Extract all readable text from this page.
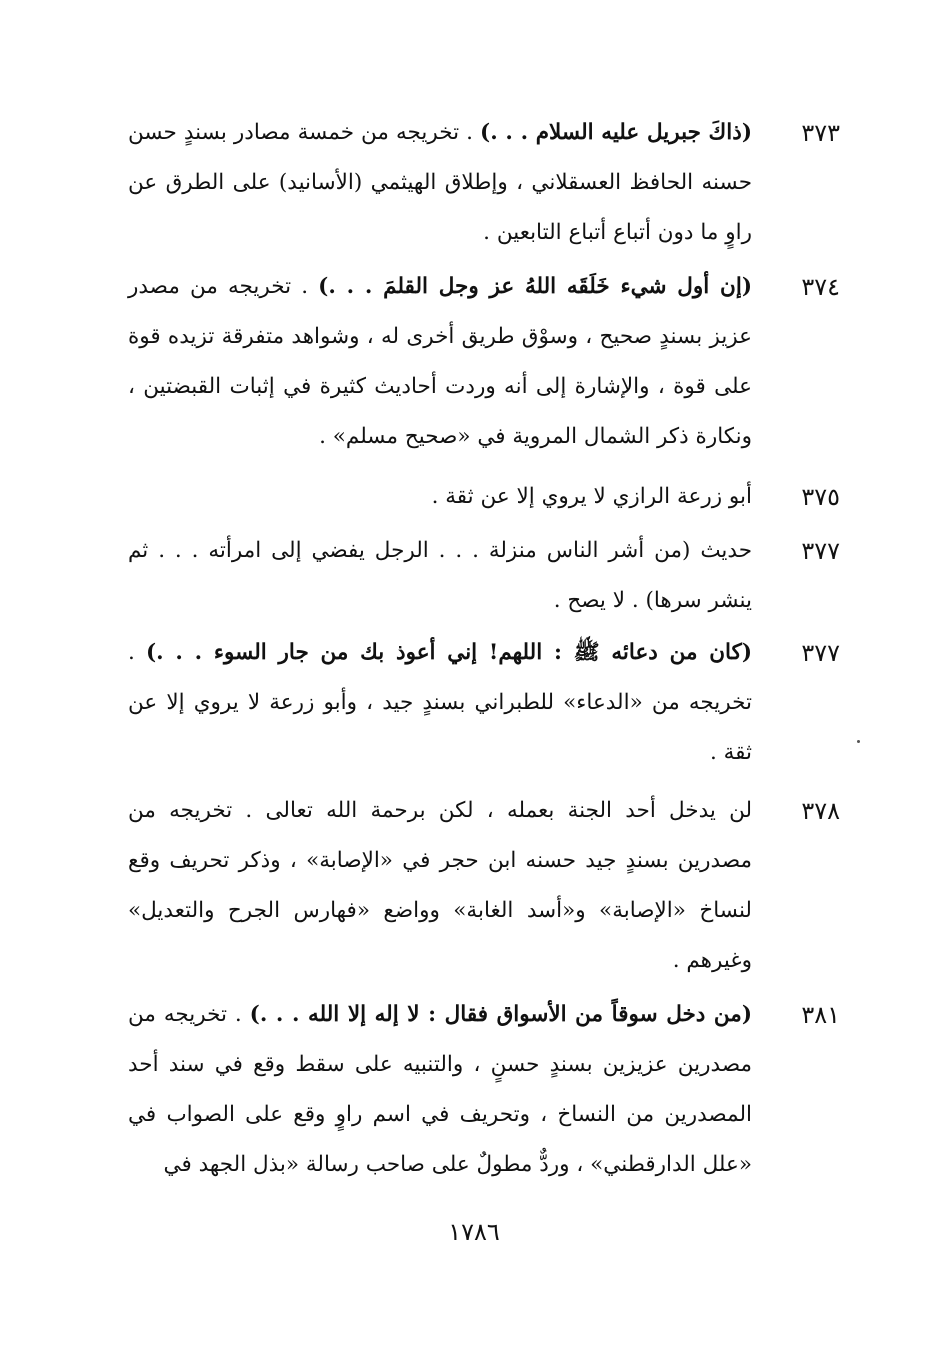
٣٧٣
(ذاكَ جبريل عليه السلام . . .) . تخريجه من خمسة مصادر بسندٍ حسن حسنه الحافظ العسقلاني ، وإطلاق الهيثمي (الأسانيد) على الطرق عن راوٍ ما دون أتباع أتباع التابعين .
٣٧٤
(إن أول شيء خَلَقَه اللهُ عز وجل القلمَ . . .) . تخريجه من مصدر عزيز بسندٍ صحيح ، وسوْق طريق أخرى له ، وشواهد متفرقة تزيده قوة على قوة ، والإشارة إلى أنه وردت أحاديث كثيرة في إثبات القبضتين ، ونكارة ذكر الشمال المروية في «صحيح مسلم» .
٣٧٥
أبو زرعة الرازي لا يروي إلا عن ثقة .
٣٧٧
حديث (من أشر الناس منزلة . . . الرجل يفضي إلى امرأته . . . ثم ينشر سرها) . لا يصح .
٣٧٧
(كان من دعائه ﷺ : اللهم! إني أعوذ بك من جار السوء . . .) . تخريجه من «الدعاء» للطبراني بسندٍ جيد ، وأبو زرعة لا يروي إلا عن ثقة .
٣٧٨
لن يدخل أحد الجنة بعمله ، لكن برحمة الله تعالى . تخريجه من مصدرين بسندٍ جيد حسنه ابن حجر في «الإصابة» ، وذكر تحريف وقع لنساخ «الإصابة» و«أسد الغابة» وواضع «فهارس الجرح والتعديل» وغيرهم .
٣٨١
(من دخل سوقاً من الأسواق فقال : لا إله إلا الله . . .) . تخريجه من مصدرين عزيزين بسندٍ حسنٍ ، والتنبيه على سقط وقع في سند أحد المصدرين من النساخ ، وتحريف في اسم راوٍ وقع على الصواب في «علل الدارقطني» ، وردٌّ مطولٌ على صاحب رسالة «بذل الجهد في
١٧٨٦
